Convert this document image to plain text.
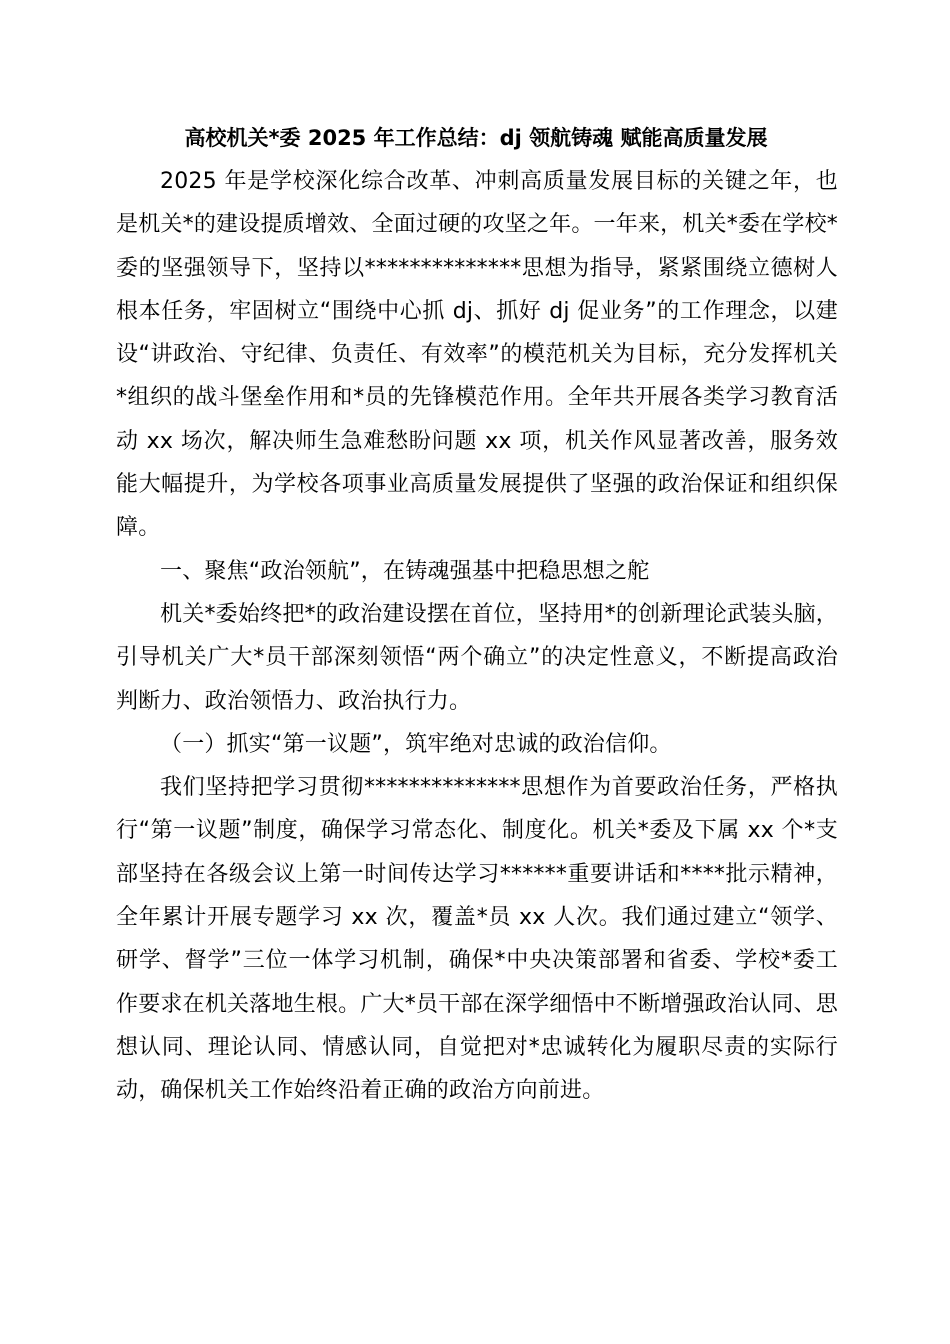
高校机关*委 2025 年工作总结：dj 领航铸魂 赋能高质量发展

2025 年是学校深化综合改革、冲刺高质量发展目标的关键之年，也是机关*的建设提质增效、全面过硬的攻坚之年。一年来，机关*委在学校*委的坚强领导下，坚持以**************思想为指导，紧紧围绕立德树人根本任务，牢固树立“围绕中心抓 dj、抓好 dj 促业务”的工作理念，以建设“讲政治、守纪律、负责任、有效率”的模范机关为目标，充分发挥机关*组织的战斗堡垒作用和*员的先锋模范作用。全年共开展各类学习教育活动 xx 场次，解决师生急难愁盼问题 xx 项，机关作风显著改善，服务效能大幅提升，为学校各项事业高质量发展提供了坚强的政治保证和组织保障。

一、聚焦“政治领航”，在铸魂强基中把稳思想之舵

机关*委始终把*的政治建设摆在首位，坚持用*的创新理论武装头脑，引导机关广大*员干部深刻领悟“两个确立”的决定性意义，不断提高政治判断力、政治领悟力、政治执行力。

（一）抓实“第一议题”，筑牢绝对忠诚的政治信仰。

我们坚持把学习贯彻**************思想作为首要政治任务，严格执行“第一议题”制度，确保学习常态化、制度化。机关*委及下属 xx 个*支部坚持在各级会议上第一时间传达学习******重要讲话和****批示精神，全年累计开展专题学习 xx 次，覆盖*员 xx 人次。我们通过建立“领学、研学、督学”三位一体学习机制，确保*中央决策部署和省委、学校*委工作要求在机关落地生根。广大*员干部在深学细悟中不断增强政治认同、思想认同、理论认同、情感认同，自觉把对*忠诚转化为履职尽责的实际行动，确保机关工作始终沿着正确的政治方向前进。
